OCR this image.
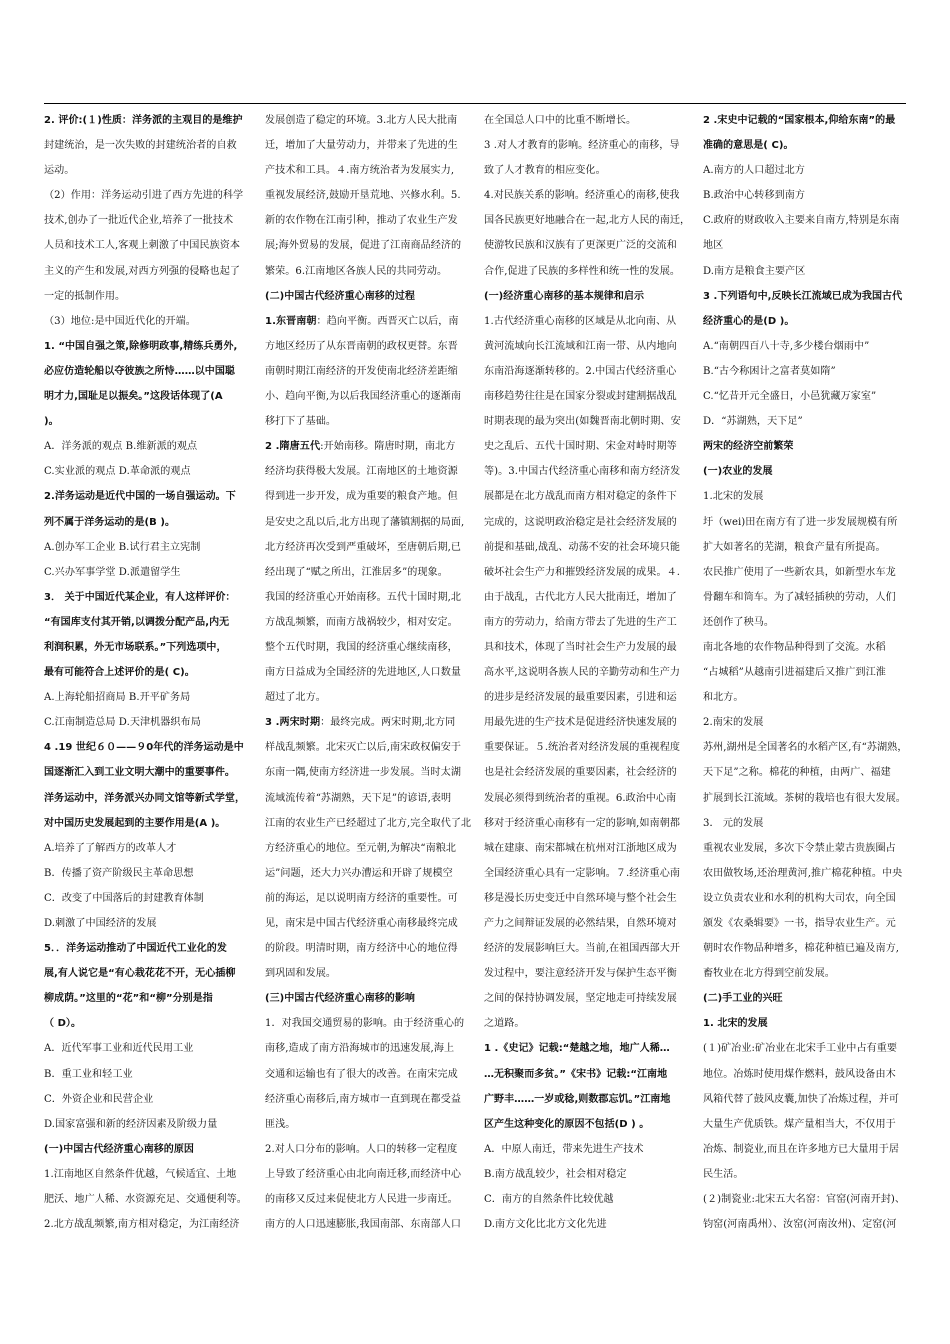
2. 评价:(１)性质：洋务派的主观目的是维护
封建统治，是一次失败的封建统治者的自救
运动。
（2）作用：洋务运动引进了西方先进的科学
技术,创办了一批近代企业,培养了一批技术
人员和技术工人,客观上刺激了中国民族资本
主义的产生和发展,对西方列强的侵略也起了
一定的抵制作用。
（3）地位:是中国近代化的开端。
1. “中国自强之策,除修明政事,精练兵勇外,
必应仿造轮船以夺彼族之所恃……以中国聪
明才力,国耻足以振矣。”这段话体现了(A
)。
A．洋务派的观点 B.维新派的观点
C.实业派的观点 D.革命派的观点
2.洋务运动是近代中国的一场自强运动。下
列不属于洋务运动的是(B )。
A.创办军工企业 B.试行君主立宪制
C.兴办军事学堂 D.派遣留学生
3． 关于中国近代某企业，有人这样评价：
“有国库支付其开销,以调拨分配产品,内无
利润积累，外无市场联系。”下列选项中，
最有可能符合上述评价的是( C)。
A.上海轮船招商局 B.开平矿务局
C.江南制造总局 D.天津机器织布局
4 .19 世纪６０——９0年代的洋务运动是中
国逐渐汇入到工业文明大潮中的重要事件。
洋务运动中，洋务派兴办同文馆等新式学堂，
对中国历史发展起到的主要作用是(A )。
A.培养了了解西方的改革人才
B．传播了资产阶级民主革命思想
C．改变了中国落后的封建教育体制
D.刺激了中国经济的发展
5．．洋务运动推动了中国近代工业化的发
展,有人说它是“有心栽花花不开，无心插柳
柳成荫。”这里的“花”和“柳”分别是指
（ D）。
A．近代军事工业和近代民用工业
B．重工业和轻工业
C．外资企业和民营企业
D.国家富强和新的经济因素及阶级力量
(一)中国古代经济重心南移的原因
1.江南地区自然条件优越，气候适宜、土地
肥沃、地广人稀、水资源充足、交通便利等。
2.北方战乱频繁,南方相对稳定，为江南经济
发展创造了稳定的环境。3.北方人民大批南
迁，增加了大量劳动力，并带来了先进的生
产技术和工具。４.南方统治者为发展实力,
重视发展经济,鼓励开垦荒地、兴修水利。5.
新的农作物在江南引种，推动了农业生产发
展;海外贸易的发展，促进了江南商品经济的
繁荣。6.江南地区各族人民的共同劳动。
(二)中国古代经济重心南移的过程
1.东晋南朝：趋向平衡。西晋灭亡以后，南
方地区经历了从东晋南朝的政权更替。东晋
南朝时期江南经济的开发使南北经济差距缩
小、趋向平衡,为以后我国经济重心的逐渐南
移打下了基础。
2 .隋唐五代:开始南移。隋唐时期，南北方
经济均获得极大发展。江南地区的土地资源
得到进一步开发，成为重要的粮食产地。但
是安史之乱以后,北方出现了藩镇割据的局面,
北方经济再次受到严重破坏，至唐朝后期,已
经出现了“赋之所出，江淮居多”的现象。
我国的经济重心开始南移。五代十国时期,北
方战乱频繁，而南方战祸较少，相对安定。
整个五代时期，我国的经济重心继续南移，
南方日益成为全国经济的先进地区,人口数量
超过了北方。
3 .两宋时期：最终完成。两宋时期,北方同
样战乱频繁。北宋灭亡以后,南宋政权偏安于
东南一隅,使南方经济进一步发展。当时太湖
流域流传着“苏湖熟，天下足”的谚语,表明
江南的农业生产已经超过了北方,完全取代了北
方经济重心的地位。至元朝,为解决“南粮北
运”问题，还大力兴办漕运和开辟了规模空
前的海运，足以说明南方经济的重要性。可
见，南宋是中国古代经济重心南移最终完成
的阶段。明清时期，南方经济中心的地位得
到巩固和发展。
(三)中国古代经济重心南移的影响
1．对我国交通贸易的影响。由于经济重心的
南移,造成了南方沿海城市的迅速发展,海上
交通和运输也有了很大的改善。在南宋完成
经济重心南移后,南方城市一直到现在都受益
匪浅。
2.对人口分布的影响。人口的转移一定程度
上导致了经济重心由北向南迁移,而经济中心
的南移又反过来促使北方人民进一步南迁。
南方的人口迅速膨胀,我国南部、东南部人口
在全国总人口中的比重不断增长。
3 .对人才教育的影响。经济重心的南移，导
致了人才教育的相应变化。
4.对民族关系的影响。经济重心的南移,使我
国各民族更好地融合在一起,北方人民的南迁，
使游牧民族和汉族有了更深更广泛的交流和
合作,促进了民族的多样性和统一性的发展。
(一)经济重心南移的基本规律和启示
1.古代经济重心南移的区域是从北向南、从
黄河流域向长江流域和江南一带、从内地向
东南沿海逐渐转移的。2.中国古代经济重心
南移趋势往往是在国家分裂或封建割据战乱
时期表现的最为突出(如魏晋南北朝时期、安
史之乱后、五代十国时期、宋金对峙时期等
等)。3.中国古代经济重心南移和南方经济发
展都是在北方战乱而南方相对稳定的条件下
完成的，这说明政治稳定是社会经济发展的
前提和基础,战乱、动荡不安的社会环境只能
破坏社会生产力和摧毁经济发展的成果。４.
由于战乱，古代北方人民大批南迁，增加了
南方的劳动力，给南方带去了先进的生产工
具和技术，体现了当时社会生产力发展的最
高水平,这说明各族人民的辛勤劳动和生产力
的进步是经济发展的最重要因素，引进和运
用最先进的生产技术是促进经济快速发展的
重要保证。５.统治者对经济发展的重视程度
也是社会经济发展的重要因素，社会经济的
发展必须得到统治者的重视。6.政治中心南
移对于经济重心南移有一定的影响,如南朝都
城在建康、南宋都城在杭州对江浙地区成为
全国经济重心具有一定影响。７.经济重心南
移是漫长历史变迁中自然环境与整个社会生
产力之间辩证发展的必然结果，自然环境对
经济的发展影响巨大。当前,在祖国西部大开
发过程中，要注意经济开发与保护生态平衡
之间的保持协调发展，坚定地走可持续发展
之道路。
1 .《史记》记载:“楚越之地，地广人稀…
…无积聚而多贫。”《宋书》记载:“江南地
广野丰……一岁或稔,则数郡忘饥。”江南地
区产生这种变化的原因不包括(D ) 。
A．中原人南迁，带来先进生产技术
B.南方战乱较少，社会相对稳定
C．南方的自然条件比较优越
D.南方文化比北方文化先进
2 .宋史中记载的“国家根本,仰给东南”的最
准确的意思是( C)。
A.南方的人口超过北方
B.政治中心转移到南方
C.政府的财政收入主要来自南方,特别是东南
地区
D.南方是粮食主要产区
3 .下列语句中,反映长江流域已成为我国古代
经济重心的是(D )。
A.“南朝四百八十寺,多少楼台烟雨中”
B.“古今称困计之富者莫如隋”
C.“忆昔开元全盛日，小邑犹藏万家室”
D．“苏湖熟，天下足”
两宋的经济空前繁荣
(一)农业的发展
1.北宋的发展
圩（wei)田在南方有了进一步发展规模有所
扩大如著名的芜湖，粮食产量有所提高。
农民推广使用了一些新农具，如新型水车龙
骨翻车和筒车。为了减轻插秧的劳动，人们
还创作了秧马。
南北各地的农作物品种得到了交流。水稻
“占城稻”从越南引进福建后又推广到江淮
和北方。
2.南宋的发展
苏州,湖州是全国著名的水稻产区,有“苏湖熟，
天下足”之称。棉花的种植，由两广、福建
扩展到长江流域。茶树的栽培也有很大发展。
3． 元的发展
重视农业发展，多次下令禁止蒙古贵族圈占
农田做牧场,还治理黄河,推广棉花种植。中央
设立负责农业和水利的机构大司农，向全国
颁发《农桑辑要》一书，指导农业生产。元
朝时农作物品种增多，棉花种植已遍及南方,
畜牧业在北方得到空前发展。
(二)手工业的兴旺
1. 北宋的发展
(１)矿冶业:矿冶业在北宋手工业中占有重要
地位。冶炼时使用煤作燃料，鼓风设备由木
风箱代替了鼓风皮囊,加快了冶炼过程，并可
大量生产优质铁。煤产量相当大，不仅用于
冶炼、制瓷业,而且在许多地方已大量用于居
民生活。
(２)制瓷业:北宋五大名窑：官窑(河南开封)、
钧窑(河南禹州）、汝窑(河南汝州)、定窑(河
